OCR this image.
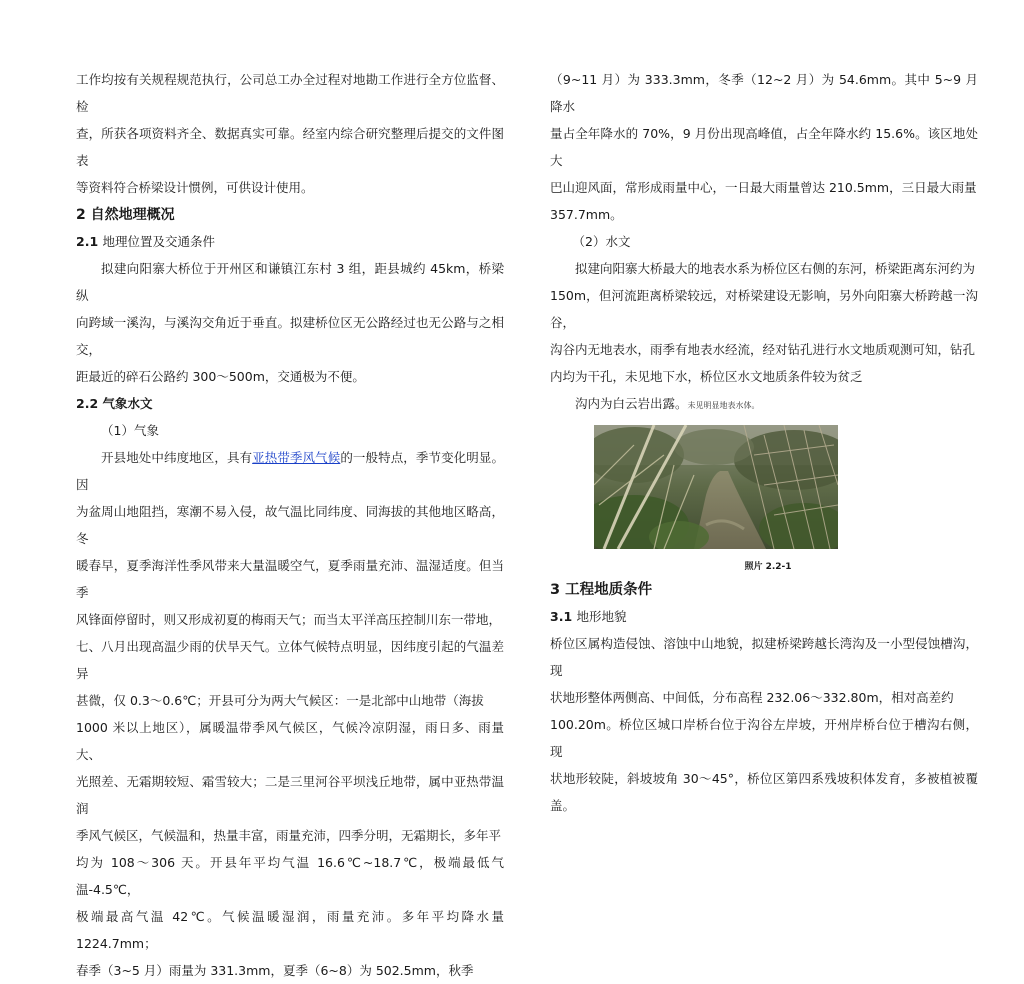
工作均按有关规程规范执行，公司总工办全过程对地勘工作进行全方位监督、检
查，所获各项资料齐全、数据真实可靠。经室内综合研究整理后提交的文件图表
等资料符合桥梁设计惯例，可供设计使用。

2 自然地理概况
2.1 地理位置及交通条件

拟建向阳寨大桥位于开州区和谦镇江东村 3 组，距县城约 45km，桥梁纵
向跨域一溪沟，与溪沟交角近于垂直。拟建桥位区无公路经过也无公路与之相交，
距最近的碎石公路约 300～500m，交通极为不便。

2.2 气象水文

（1）气象

开县地处中纬度地区，具有亚热带季风气候的一般特点，季节变化明显。因
为盆周山地阻挡，寒潮不易入侵，故气温比同纬度、同海拔的其他地区略高，冬
暖春早，夏季海洋性季风带来大量温暖空气，夏季雨量充沛、温湿适度。但当季
风锋面停留时，则又形成初夏的梅雨天气；而当太平洋高压控制川东一带地，
七、八月出现高温少雨的伏旱天气。立体气候特点明显，因纬度引起的气温差异
甚微，仅 0.3～0.6℃；开县可分为两大气候区：一是北部中山地带（海拔
1000 米以上地区），属暖温带季风气候区，气候冷凉阴湿，雨日多、雨量大、
光照差、无霜期较短、霜雪较大；二是三里河谷平坝浅丘地带，属中亚热带温润
季风气候区，气候温和，热量丰富，雨量充沛，四季分明，无霜期长，多年平
均为 108～306 天。开县年平均气温 16.6℃~18.7℃，极端最低气温-4.5℃，
极端最高气温 42℃。气候温暖湿润，雨量充沛。多年平均降水量 1224.7mm；
春季（3~5 月）雨量为 331.3mm，夏季（6~8）为 502.5mm，秋季

（9~11 月）为 333.3mm，冬季（12~2 月）为 54.6mm。其中 5~9 月降水
量占全年降水的 70%，9 月份出现高峰值，占全年降水约 15.6%。该区地处大
巴山迎风面，常形成雨量中心，一日最大雨量曾达 210.5mm，三日最大雨量
357.7mm。

（2）水文

拟建向阳寨大桥最大的地表水系为桥位区右侧的东河，桥梁距离东河约为
150m，但河流距离桥梁较远，对桥梁建设无影响，另外向阳寨大桥跨越一沟谷，
沟谷内无地表水，雨季有地表水经流，经对钻孔进行水文地质观测可知，钻孔
内均为干孔，未见地下水，桥位区水文地质条件较为贫乏

沟内为白云岩出露。未见明显地表水体。

照片 2.2-1
3 工程地质条件
3.1 地形地貌

桥位区属构造侵蚀、溶蚀中山地貌，拟建桥梁跨越长湾沟及一小型侵蚀槽沟，现
状地形整体两侧高、中间低，分布高程 232.06～332.80m，相对高差约
100.20m。桥位区城口岸桥台位于沟谷左岸坡，开州岸桥台位于槽沟右侧，现
状地形较陡，斜坡坡角 30～45°，桥位区第四系残坡积体发育，多被植被覆盖。
